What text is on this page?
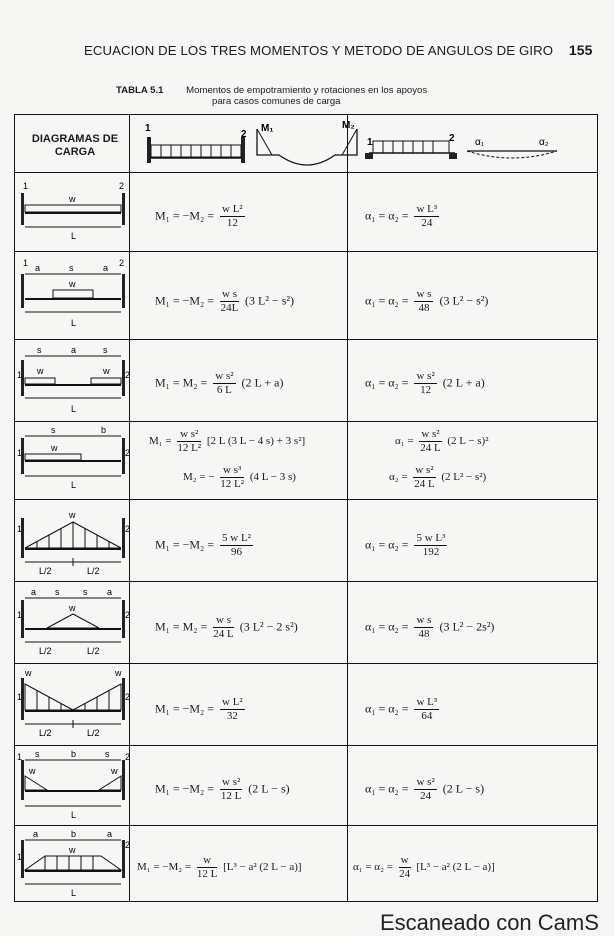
ECUACION DE LOS TRES MOMENTOS Y METODO DE ANGULOS DE GIRO 155
TABLA 5.1 Momentos de empotramiento y rotaciones en los apoyos
para casos comunes de carga
DIAGRAMAS DE CARGA
1
2
M₁	M₂
1	2 α₁	α₂
1	2
w
L
$M_1 = -M_2 = \frac{\text{w L²}}{12}$	$\alpha_1 = \alpha_2 = \frac{\text{w L³}}{24}$
1	2
a	s	a
w
L
$M_1 = -M_2 = \frac{\text{w s}}{24L} (3$ L² − s²)	$\alpha_1 = \alpha_2 = \frac{\text{w s}}{48} (3$ L² − s²)
s	a	s
1 w	w 2
L
$M_1 = M_2 = \frac{\text{w s²}}{6 L} (2$ L + a)	$\alpha_1 = \alpha_2 = \frac{\text{w s²}}{12} (2$ L + a)
s	b
1	w	2
L
$M_1 = \frac{\text{w s²}}{\text{12 L²}} [2$ L (3 L − 4 s) + 3 s²]
M₂ = − $\frac{\text{w s³}}{\text{12 L²}} (4$ L − 3 s)
$\alpha_1 = \frac{\text{w s²}}{24 L} (2$ L − s)²
$\alpha_2 = \frac{\text{w s²}}{24 L} (2$ L² − s²)
w
1	2
L/2	L/2
$M_1 = -M_2 = \frac{\text{5 w L²}}{96}$	$\alpha_1 = \alpha_2 = \frac{\text{5 w L³}}{192}$
a s	s a
1
w
2
L/2	L/2
$M_1 = M_2 = \frac{\text{w s}}{24 L} (3$ L² − 2 s²)	$\alpha_1 = \alpha_2 = \frac{\text{w s}}{48} (3$ L² − 2s²)
w	w
1	2
L/2	L/2
$M_1 = -M_2 = \frac{\text{w L²}}{32}$	$\alpha_1 = \alpha_2 = \frac{\text{w L³}}{64}$
1 s	b	s 2
w	w
L
$M_1 = -M_2 = \frac{\text{w s²}}{12 L} (2$ L − s)	$\alpha_1 = \alpha_2 = \frac{\text{w s²}}{24} (2$ L − s)
a	b	a
1
w	2
L
$M_1 = -M_2 = \frac{w}{12 L} [L^3 - a^2$ (2 L − a)]	$\alpha_1 = \alpha_2 = \frac{w}{24} [L^3 - a^2$ (2 L − a)]
Escaneado con CamS
